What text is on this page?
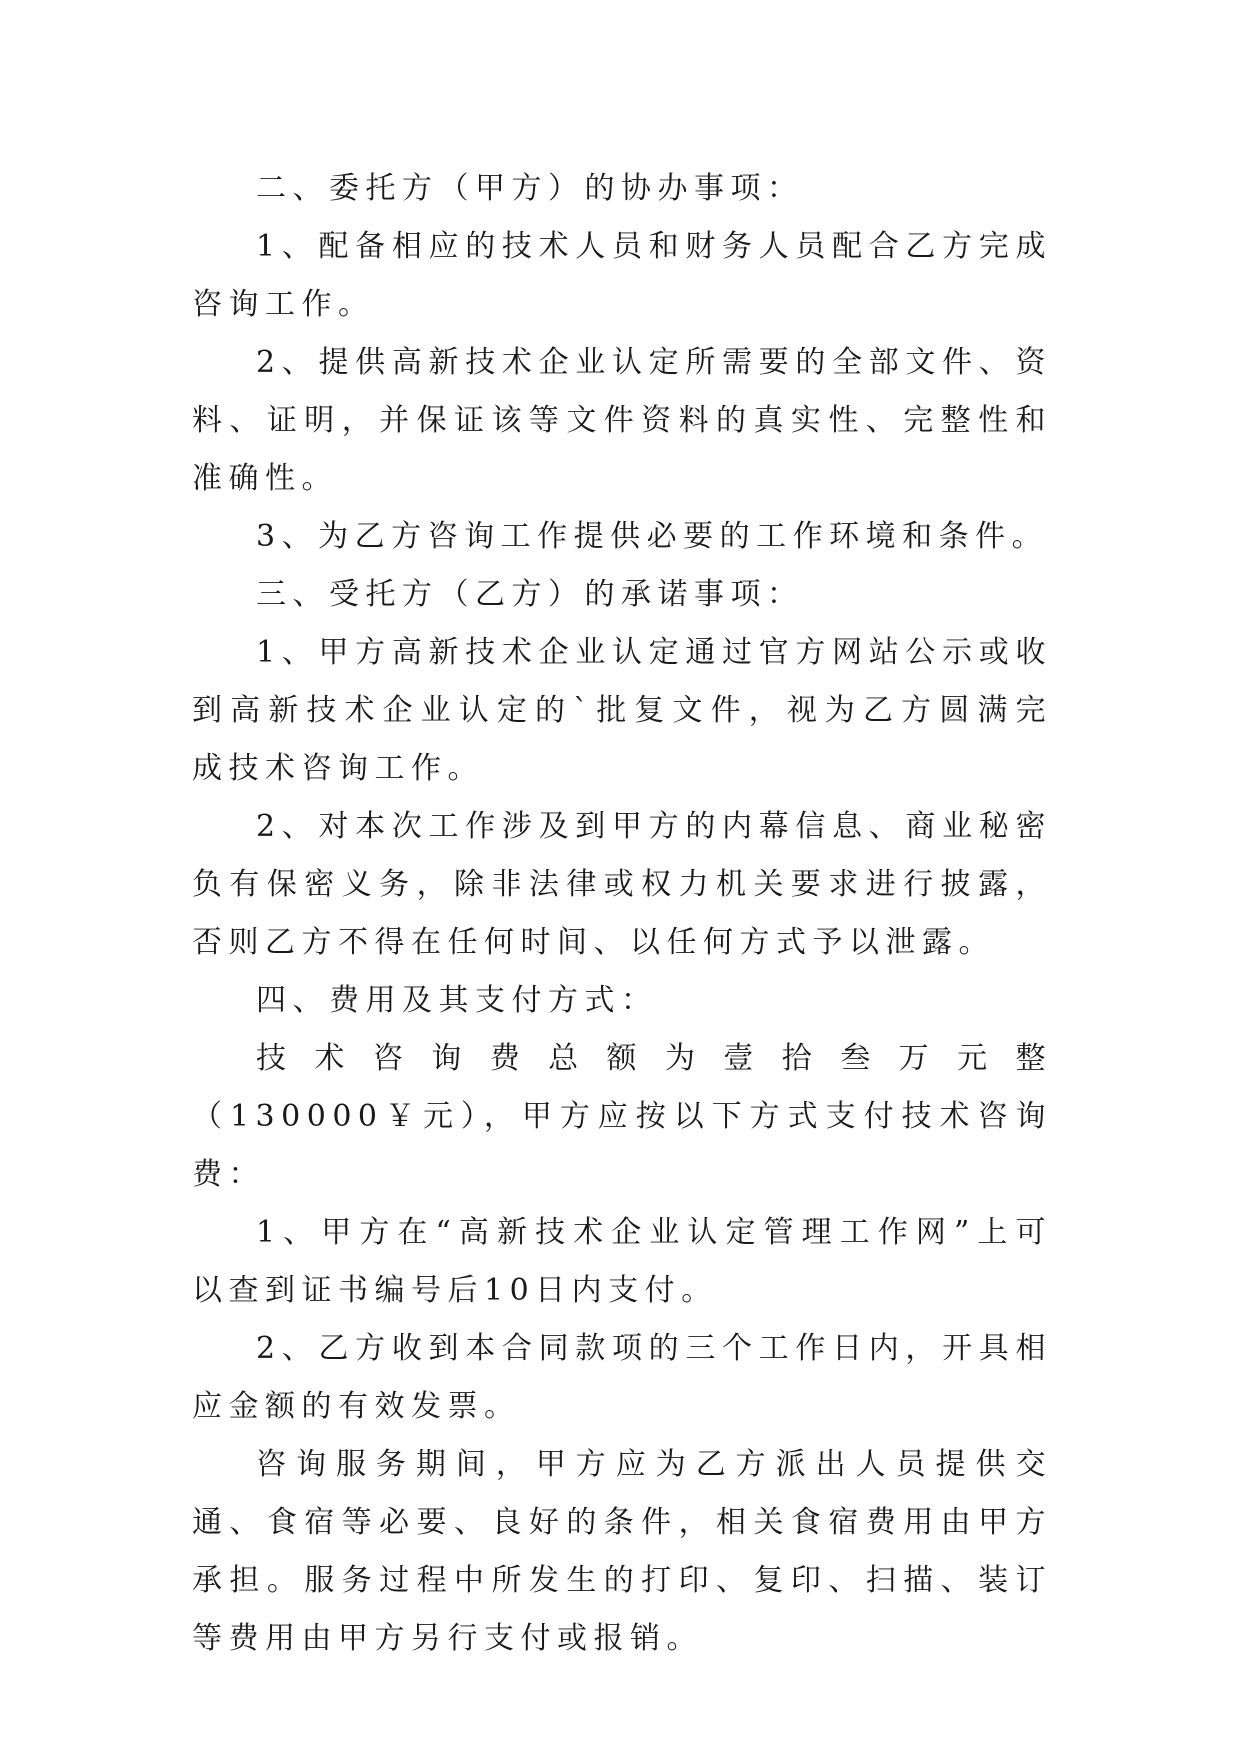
二、委托方（甲方）的协办事项：

1、配备相应的技术人员和财务人员配合乙方完成咨询工作。

2、提供高新技术企业认定所需要的全部文件、资料、证明，并保证该等文件资料的真实性、完整性和准确性。

3、为乙方咨询工作提供必要的工作环境和条件。

三、受托方（乙方）的承诺事项：

1、甲方高新技术企业认定通过官方网站公示或收到高新技术企业认定的`批复文件，视为乙方圆满完成技术咨询工作。

2、对本次工作涉及到甲方的内幕信息、商业秘密负有保密义务，除非法律或权力机关要求进行披露，否则乙方不得在任何时间、以任何方式予以泄露。

四、费用及其支付方式：

技术咨询费总额为壹拾叁万元整（130000￥元），甲方应按以下方式支付技术咨询费：

1、甲方在“高新技术企业认定管理工作网”上可以查到证书编号后10日内支付。

2、乙方收到本合同款项的三个工作日内，开具相应金额的有效发票。

咨询服务期间，甲方应为乙方派出人员提供交通、食宿等必要、良好的条件，相关食宿费用由甲方承担。服务过程中所发生的打印、复印、扫描、装订等费用由甲方另行支付或报销。
